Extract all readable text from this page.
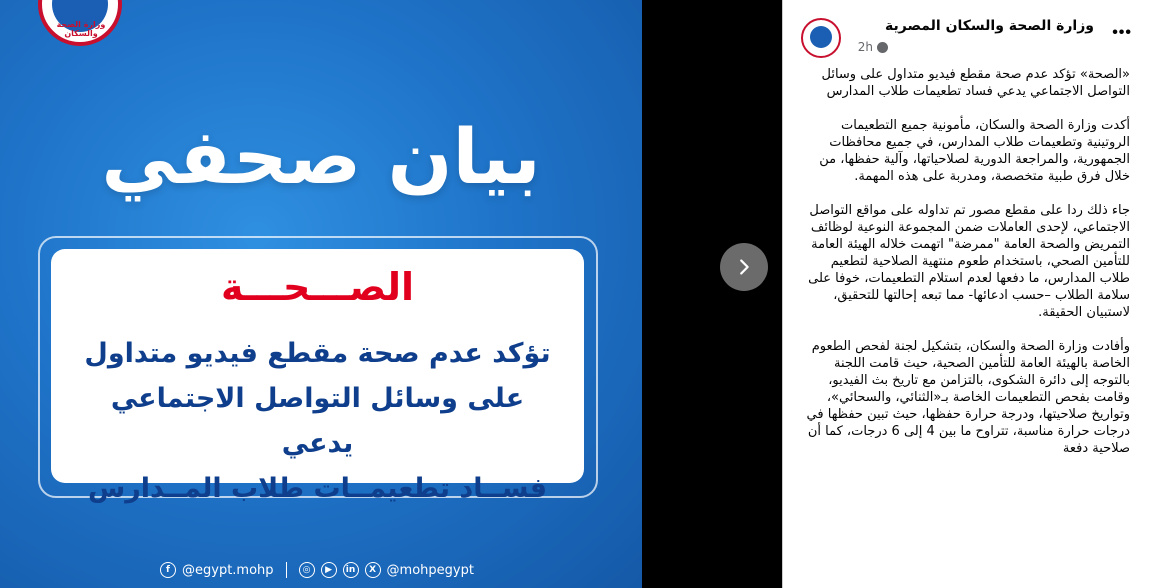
وزارة الصحة والسكان
بيان صحفي
الصـــحـــة
تؤكد عدم صحة مقطع فيديو متداول
على وسائل التواصل الاجتماعي يدعي
فســاد تطعيمــات طلاب المــدارس
f @egypt.mohp	◎	▶	in	X @mohpegypt
وزارة الصحة والسكان المصرية
2h
•••

«الصحة» تؤكد عدم صحة مقطع فيديو متداول على وسائل التواصل الاجتماعي يدعي فساد تطعيمات طلاب المدارس

أكدت وزارة الصحة والسكان، مأمونية جميع التطعيمات الروتينية وتطعيمات طلاب المدارس، في جميع محافظات الجمهورية، والمراجعة الدورية لصلاحياتها، وآلية حفظها، من خلال فرق طبية متخصصة، ومدربة على هذه المهمة.

جاء ذلك ردا على مقطع مصور تم تداوله على مواقع التواصل الاجتماعي، لإحدى العاملات ضمن المجموعة النوعية لوظائف التمريض والصحة العامة "ممرضة" اتهمت خلاله الهيئة العامة للتأمين الصحي، باستخدام طعوم منتهية الصلاحية لتطعيم طلاب المدارس، ما دفعها لعدم استلام التطعيمات، خوفا على سلامة الطلاب –حسب ادعائها- مما تبعه إحالتها للتحقيق، لاستبيان الحقيقة.

وأفادت وزارة الصحة والسكان، بتشكيل لجنة لفحص الطعوم الخاصة بالهيئة العامة للتأمين الصحية، حيث قامت اللجنة بالتوجه إلى دائرة الشكوى، بالتزامن مع تاريخ بث الفيديو، وقامت بفحص التطعيمات الخاصة بـ«الثنائي، والسحائي»، وتواريخ صلاحيتها، ودرجة حرارة حفظها، حيث تبين حفظها في درجات حرارة مناسبة، تتراوح ما بين 4 إلى 6 درجات، كما أن صلاحية دفعة
